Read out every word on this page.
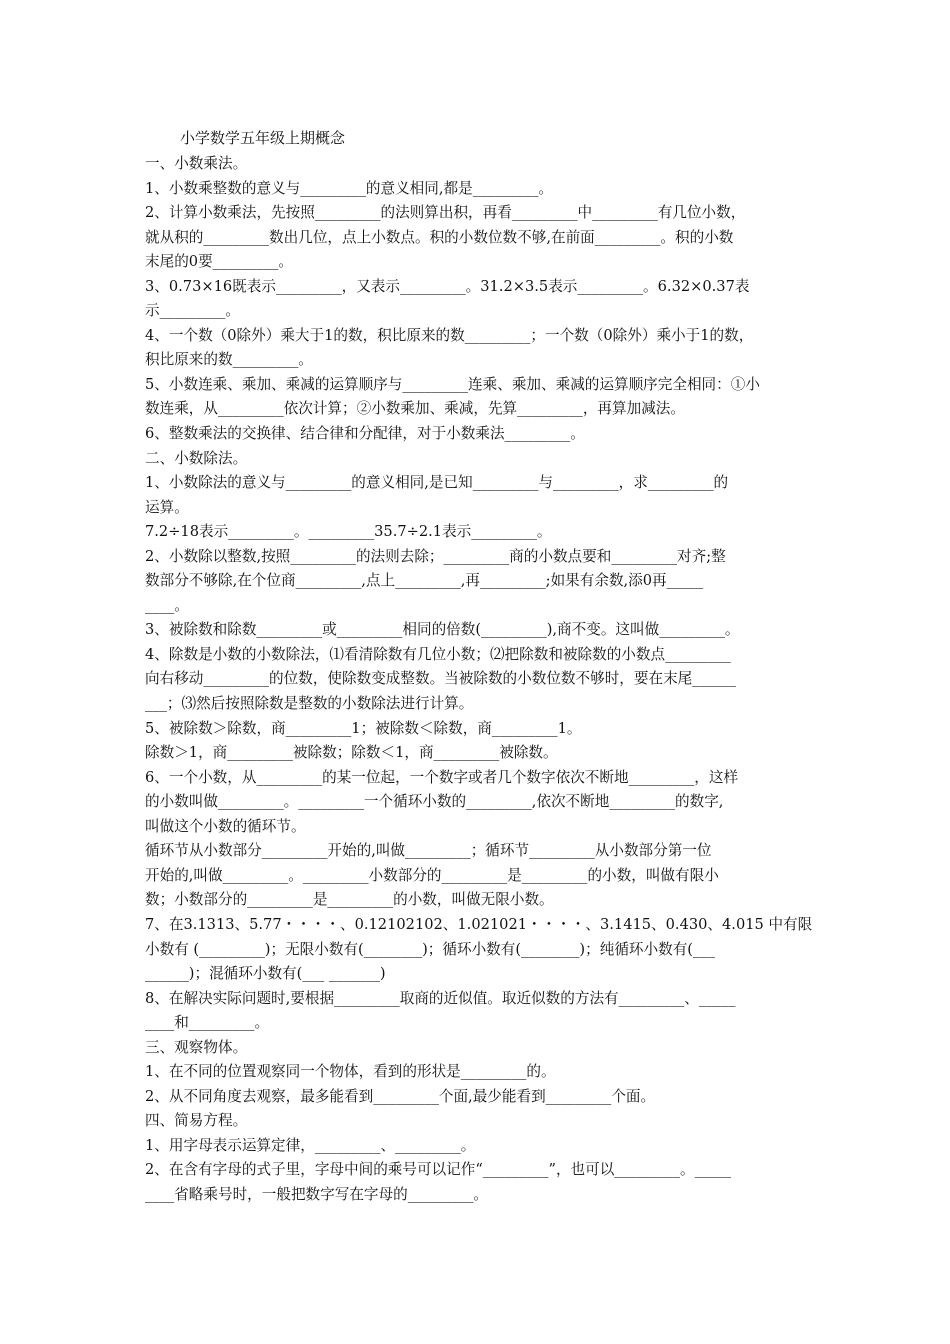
小学数学五年级上期概念
一、小数乘法。
1、小数乘整数的意义与_________的意义相同,都是_________。
2、计算小数乘法，先按照_________的法则算出积，再看_________中_________有几位小数，
就从积的_________数出几位，点上小数点。积的小数位数不够,在前面_________。积的小数
末尾的0要_________。
3、0.73×16既表示_________，又表示_________。31.2×3.5表示_________。6.32×0.37表
示_________。
4、一个数（0除外）乘大于1的数，积比原来的数_________；一个数（0除外）乘小于1的数，
积比原来的数_________。
5、小数连乘、乘加、乘减的运算顺序与_________连乘、乘加、乘减的运算顺序完全相同：①小
数连乘，从_________依次计算；②小数乘加、乘减，先算_________，再算加减法。
6、整数乘法的交换律、结合律和分配律，对于小数乘法_________。
二、小数除法。
1、小数除法的意义与_________的意义相同,是已知_________与_________，求_________的
运算。
7.2÷18表示_________。_________35.7÷2.1表示_________。
2、小数除以整数,按照_________的法则去除；_________商的小数点要和_________对齐;整
数部分不够除,在个位商_________,点上_________,再_________;如果有余数,添0再_____
____。
3、被除数和除数_________或_________相同的倍数(_________),商不变。这叫做_________。
4、除数是小数的小数除法，⑴看清除数有几位小数；⑵把除数和被除数的小数点_________
向右移动_________的位数，使除数变成整数。当被除数的小数位数不够时，要在末尾______
___；⑶然后按照除数是整数的小数除法进行计算。
5、被除数＞除数，商_________1；被除数＜除数，商_________1。
除数＞1，商_________被除数；除数＜1，商_________被除数。
6、一个小数，从_________的某一位起，一个数字或者几个数字依次不断地_________，这样
的小数叫做_________。_________一个循环小数的_________,依次不断地_________的数字,
叫做这个小数的循环节。
循环节从小数部分_________开始的,叫做_________；循环节_________从小数部分第一位
开始的,叫做_________。_________小数部分的_________是_________的小数，叫做有限小
数；小数部分的_________是_________的小数，叫做无限小数。
7、在3.1313、5.77・・・・、0.12102102、1.021021・・・・、3.1415、0.430、4.015 中有限
小数有 (_________)；无限小数有(________)；循环小数有(________)；纯循环小数有(___
______)；混循环小数有(___ _______)
8、在解决实际问题时,要根据_________取商的近似值。取近似数的方法有_________、_____
____和_________。
三、观察物体。
1、在不同的位置观察同一个物体，看到的形状是_________的。
2、从不同角度去观察，最多能看到_________个面,最少能看到_________个面。
四、简易方程。
1、用字母表示运算定律，_________、_________。
2、在含有字母的式子里，字母中间的乘号可以记作“_________”，也可以_________。_____
____省略乘号时，一般把数字写在字母的_________。
